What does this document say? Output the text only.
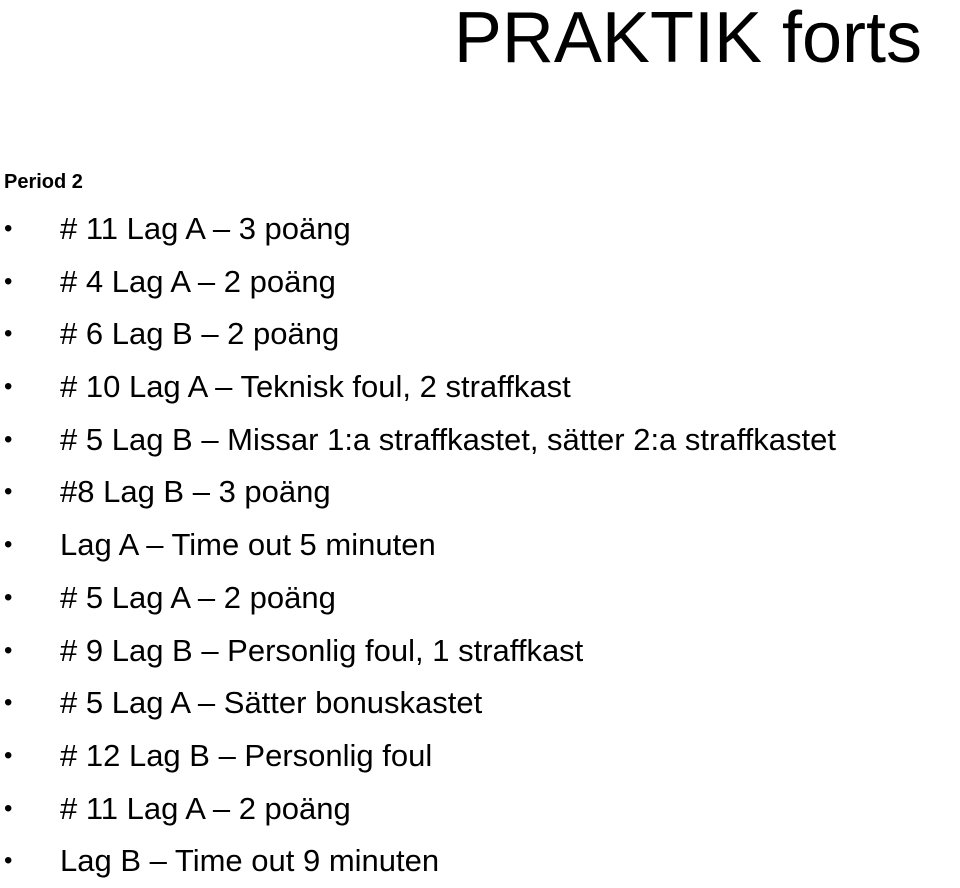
PRAKTIK forts
Period 2
• # 11 Lag A – 3 poäng
• # 4 Lag A – 2 poäng
• # 6 Lag B – 2 poäng
• # 10 Lag A – Teknisk foul, 2 straffkast
• # 5 Lag B – Missar 1:a straffkastet, sätter 2:a straffkastet
• #8 Lag B – 3 poäng
• Lag A – Time out 5 minuten
• # 5 Lag A – 2 poäng
• # 9 Lag B – Personlig foul, 1 straffkast
• # 5 Lag A – Sätter bonuskastet
• # 12 Lag B – Personlig foul
• # 11 Lag A – 2 poäng
• Lag B – Time out 9 minuten
